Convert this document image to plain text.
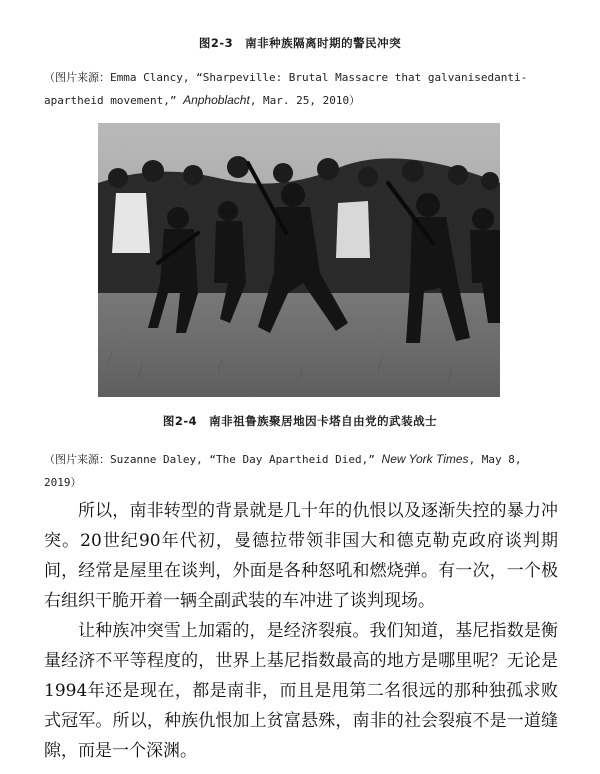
图2-3　南非种族隔离时期的警民冲突
（图片来源：Emma Clancy, “Sharpeville: Brutal Massacre that galvanisedanti-apartheid movement,” Anphoblacht, Mar. 25, 2010）
图2-4　南非祖鲁族聚居地因卡塔自由党的武装战士
（图片来源：Suzanne Daley, “The Day Apartheid Died,” New York Times, May 8, 2019）

所以，南非转型的背景就是几十年的仇恨以及逐渐失控的暴力冲突。20世纪90年代初，曼德拉带领非国大和德克勒克政府谈判期间，经常是屋里在谈判，外面是各种怒吼和燃烧弹。有一次，一个极右组织干脆开着一辆全副武装的车冲进了谈判现场。

让种族冲突雪上加霜的，是经济裂痕。我们知道，基尼指数是衡量经济不平等程度的，世界上基尼指数最高的地方是哪里呢？无论是1994年还是现在，都是南非，而且是甩第二名很远的那种独孤求败式冠军。所以，种族仇恨加上贫富悬殊，南非的社会裂痕不是一道缝隙，而是一个深渊。
